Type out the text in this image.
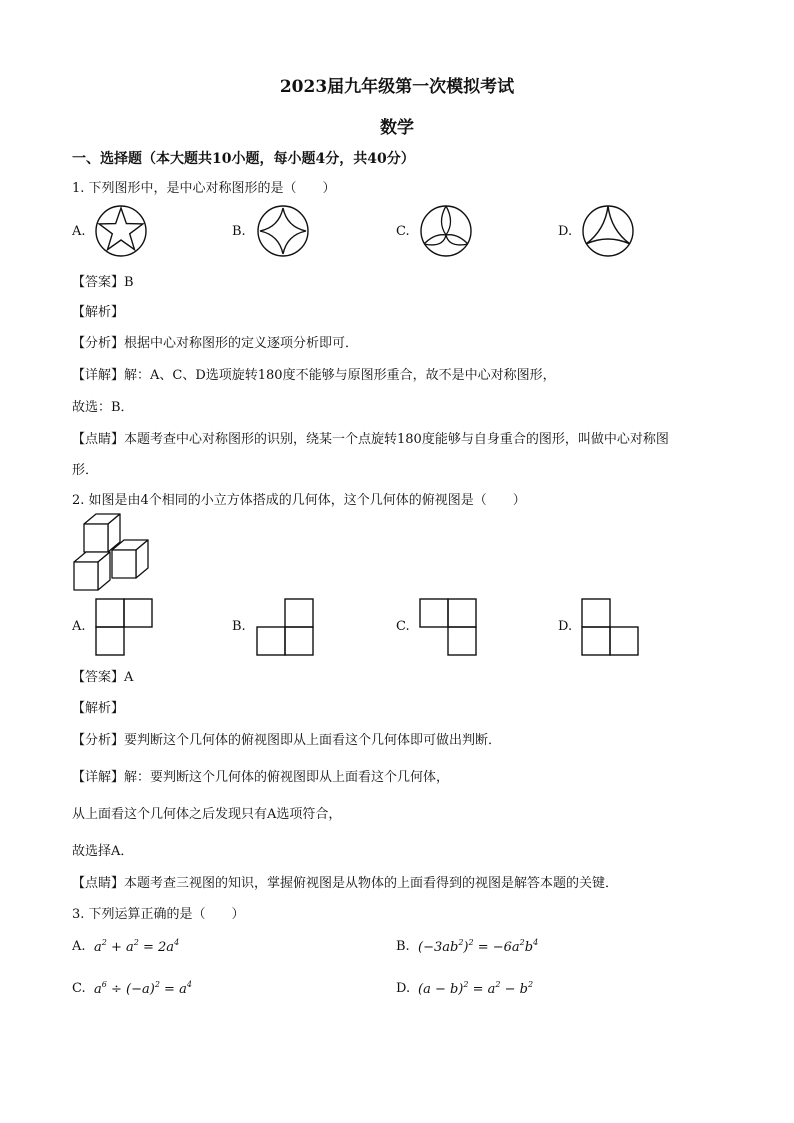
2023届九年级第一次模拟考试
数学
一、选择题（本大题共10小题，每小题4分，共40分）
1. 下列图形中，是中心对称图形的是（　　）
A.	B.	C.	D.
【答案】B
【解析】
【分析】根据中心对称图形的定义逐项分析即可．
【详解】解：A、C、D选项旋转180度不能够与原图形重合，故不是中心对称图形，
故选：B．
【点睛】本题考查中心对称图形的识别，绕某一个点旋转180度能够与自身重合的图形，叫做中心对称图
形．
2. 如图是由4个相同的小立方体搭成的几何体，这个几何体的俯视图是（　　）
A.	B.	C.	D.
【答案】A
【解析】
【分析】要判断这个几何体的俯视图即从上面看这个几何体即可做出判断．
【详解】解：要判断这个几何体的俯视图即从上面看这个几何体，
从上面看这个几何体之后发现只有A选项符合，
故选择A．
【点睛】本题考查三视图的知识，掌握俯视图是从物体的上面看得到的视图是解答本题的关键．
3. 下列运算正确的是（　　）
A. $a^2 + a^2 = 2a^4$	B. $(-3ab^2)^2 = -6a^2b^4$
C. $a^6 \div (-a)^2 = a^4$	D. $(a - b)^2 = a^2 - b^2$
